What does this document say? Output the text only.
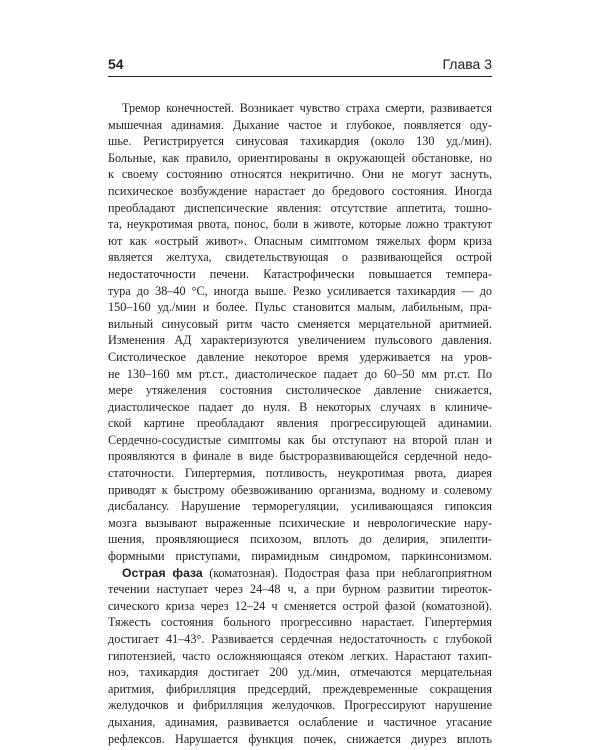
54	Глава 3
Тремор конечностей. Возникает чувство страха смерти, развивается
мышечная адинамия. Дыхание частое и глубокое, появляется оду-
шье. Регистрируется синусовая тахикардия (около 130 уд./мин).
Больные, как правило, ориентированы в окружающей обстановке, но
к своему состоянию относятся некритично. Они не могут заснуть,
психическое возбуждение нарастает до бредового состояния. Иногда
преобладают диспепсические явления: отсутствие аппетита, тошно-
та, неукротимая рвота, понос, боли в животе, которые ложно трактуют
ют как «острый живот». Опасным симптомом тяжелых форм криза
является желтуха, свидетельствующая о развивающейся острой
недостаточности печени. Катастрофически повышается темпера-
тура до 38–40 °С, иногда выше. Резко усиливается тахикардия — до
150–160 уд./мин и более. Пульс становится малым, лабильным, пра-
вильный синусовый ритм часто сменяется мерцательной аритмией.
Изменения АД характеризуются увеличением пульсового давления.
Систолическое давление некоторое время удерживается на уров-
не 130–160 мм рт.ст., диастолическое падает до 60–50 мм рт.ст. По
мере утяжеления состояния систолическое давление снижается,
диастолическое падает до нуля. В некоторых случаях в клиниче-
ской картине преобладают явления прогрессирующей адинамии.
Сердечно-сосудистые симптомы как бы отступают на второй план и
проявляются в финале в виде быстроразвивающейся сердечной недо-
статочности. Гипертермия, потливость, неукротимая рвота, диарея
приводят к быстрому обезвоживанию организма, водному и солевому
дисбалансу. Нарушение терморегуляции, усиливающаяся гипоксия
мозга вызывают выраженные психические и неврологические нару-
шения, проявляющиеся психозом, вплоть до делирия, эпилепти-
формными приступами, пирамидным синдромом, паркинсонизмом.
Острая фаза (коматозная). Подострая фаза при неблагоприятном
течении наступает через 24–48 ч, а при бурном развитии тиреоток-
сического криза через 12–24 ч сменяется острой фазой (коматозной).
Тяжесть состояния больного прогрессивно нарастает. Гипертермия
достигает 41–43°. Развивается сердечная недостаточность с глубокой
гипотензией, часто осложняющаяся отеком легких. Нарастают тахип-
ноэ, тахикардия достигает 200 уд./мин, отмечаются мерцательная
аритмия, фибрилляция предсердий, преждевременные сокращения
желудочков и фибрилляция желудочков. Прогрессируют нарушение
дыхания, адинамия, развивается ослабление и частичное угасание
рефлексов. Нарушается функция почек, снижается диурез вплоть
